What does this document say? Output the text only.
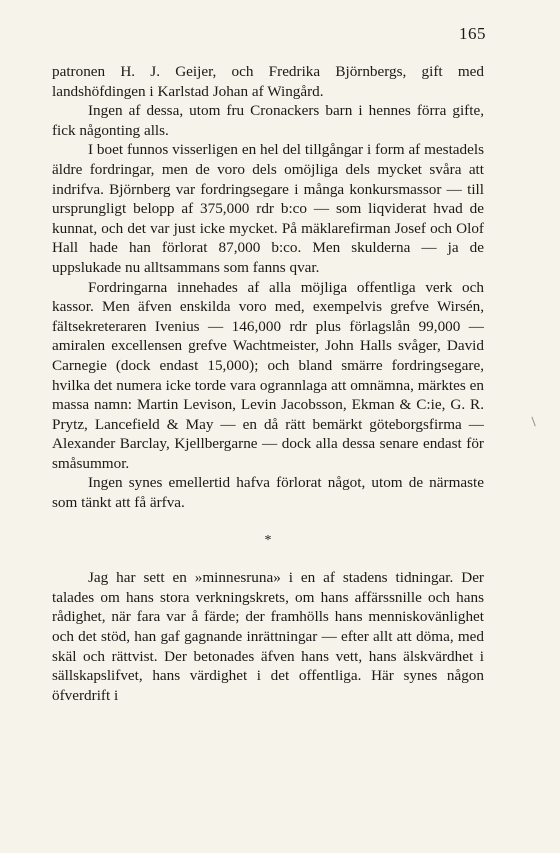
165

patronen H. J. Geijer, och Fredrika Björnbergs, gift med landshöfdingen i Karlstad Johan af Wingård.

Ingen af dessa, utom fru Cronackers barn i hennes förra gifte, fick någonting alls.

I boet funnos visserligen en hel del tillgångar i form af mestadels äldre fordringar, men de voro dels omöjliga dels mycket svåra att indrifva. Björnberg var fordringsegare i många konkursmassor — till ursprungligt belopp af 375,000 rdr b:co — som liqviderat hvad de kunnat, och det var just icke mycket. På mäklarefirman Josef och Olof Hall hade han förlorat 87,000 b:co. Men skulderna — ja de uppslukade nu alltsammans som fanns qvar.

Fordringarna innehades af alla möjliga offentliga verk och kassor. Men äfven enskilda voro med, exempelvis grefve Wirsén, fältsekreteraren Ivenius — 146,000 rdr plus förlagslån 99,000 — amiralen excellensen grefve Wachtmeister, John Halls svåger, David Carnegie (dock endast 15,000); och bland smärre fordringsegare, hvilka det numera icke torde vara ogrannlaga att omnämna, märktes en massa namn: Martin Levison, Levin Jacobsson, Ekman & C:ie, G. R. Prytz, Lancefield & May — en då rätt bemärkt göteborgsfirma — Alexander Barclay, Kjellbergarne — dock alla dessa senare endast för småsummor.

Ingen synes emellertid hafva förlorat något, utom de närmaste som tänkt att få ärfva.

*

Jag har sett en »minnesruna» i en af stadens tidningar. Der talades om hans stora verkningskrets, om hans affärssnille och hans rådighet, när fara var å färde; der framhölls hans menniskovänlighet och det stöd, han gaf gagnande inrättningar — efter allt att döma, med skäl och rättvist. Der betonades äfven hans vett, hans älskvärdhet i sällskapslifvet, hans värdighet i det offentliga. Här synes någon öfverdrift i
